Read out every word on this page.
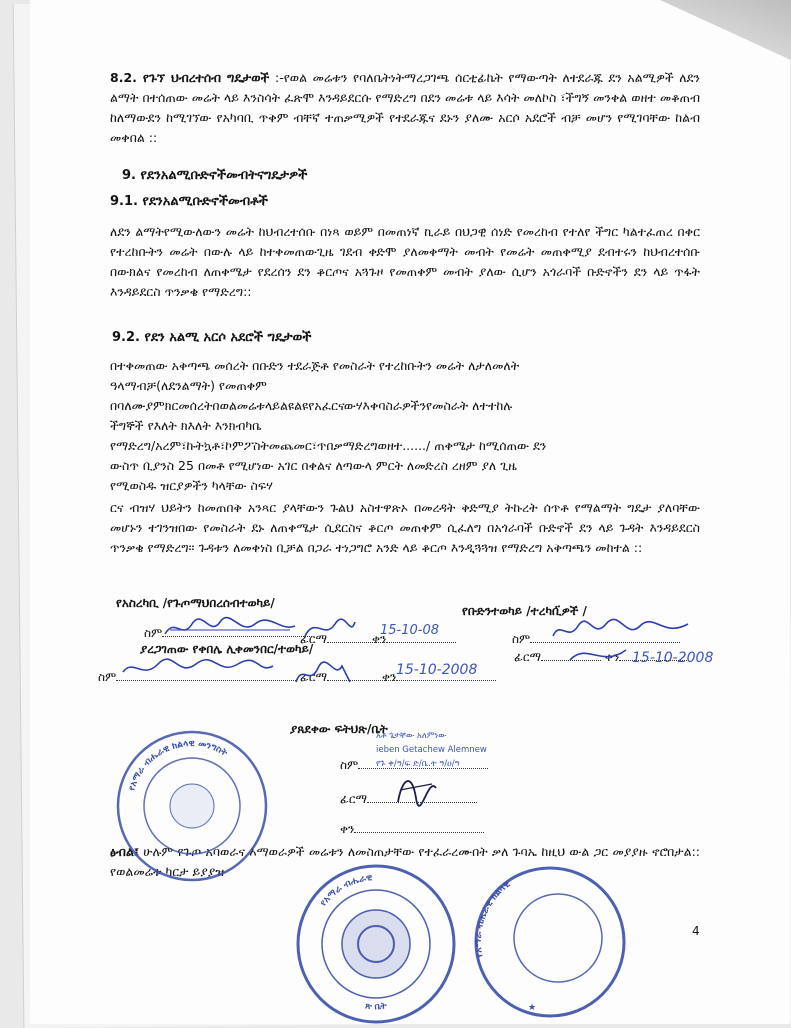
8.2. የጉኘ ህብረተሰብ ግዴታወች :-የወል መሬቱን የባለቤትነትማረጋገጫ ሰርቲፊኬት የማውጣት ለተደራጁ ደን አልሚዎች ለደን ልማት በተሰጠው መሬት ላይ እንስሳት ፈጽሞ እንዳይደርሱ የማድረግ በደን መሬቱ ላይ እሳት መለኮስ ፣ችግኝ መንቀል ወዘተ መቆጠብ ከለማውደን ከሚገኘው የአካባቢ ጥቅም ብቸኛ ተጠቃሚዎች የተደራጁና ደኑን ያለሙ አርሶ አደሮች ብቻ መሆን የሚገባቸው ከልብ መቀበል ::
9. የደንአልሚቡድኖችመብትናግዴታዎች
9.1. የደንአልሚቡድኖችመብቶች
ለደን ልማትየሚውለውን መሬት ከህብረተሰቡ በነጻ ወይም በመጠነኛ ኪራይ በህጋዊ ሰነድ የመረከብ የተለየ ችግር ካልተፈጠረ በቀር የተረከቡትን መሬት በውሉ ላይ ከተቀመጠውጊዜ ገደብ ቀድሞ ያለመቀማት መብት የመሬት መጠቀሚያ ደብተሩን ከህብረተሰቡ በውክልና የመረከብ ለጠቀሜታ የደረሰን ደን ቆርጦና አጓጉዞ የመጠቀም መብት ያለው ሲሆን አጎራባች ቡድኖችን ደን ላይ ጥፋት እንዳይደርስ ጥንቃቄ የማድረግ::
9.2. የደን አልሚ አርሶ አደሮች ግዴታወች
በተቀመጠው አቅጣጫ መሰረት በቡድን ተደራጅቶ የመስራት የተረከቡትን መሬት ለታለመለት
ዓላማብቻ(ለደንልማት) የመጠቀም
በባለሙያምክርመሰረትበወልመሬቱላይልዩልዩየአፈርናውሃእቀባስራዎችንየመስራት ለተተከሉ
ችግኞች የእለት ክእለት እንክብካቤ
የማድረግ/አረም፣ኩትኳቶ፣ኮምፖስትመጨመር፣ጥበቃማድረግወዘተ....../ ጠቀሜታ ከሚሰጠው ደን
ውስጥ ቢያንስ 25 በመቶ የሚሆነው አገር በቀልና ለጣውላ ምርት ለመድረስ ረዘም ያለ ጊዜ
የሚወስዱ ዝርያዎችን ካላቸው ስፍሃ
ርና ብዝሃ ህይትን ከመጠበቅ አንጻር ያላቸውን ጉልህ አስተዋጽኦ በመረዳት ቅድሚያ ትኩረት ሰጥቶ የማልማት ግዴታ ያለባቸው መሆኑን ተገንዝበው የመስራት ደኑ ለጠቀሜታ ሲደርስና ቆርጦ መጠቀም ሲፈለግ በአጎራባች ቡድኖች ደን ላይ ጉዳት እንዳይደርስ ጥንቃቄ የማድረግ፡፡ ጉዳቱን ለመቀነስ ቢቻል በጋራ ተነጋግሮ አንድ ላይ ቆርጦ እንዲጓጓዝ የማድረግ አቅጣጫን መከተል ::
የአስረካቢ /የጉጦማህበረሰብተወካይ/
የቡድንተወካይ /ተረካቢ፟ዎች /
ስም	ፊርማ	ቀን	ስም
ፊርማ	ቀን
ያረጋገጠው የቀበሌ ሊቀመንበር/ተወካይ/
ስም	ፊርማ	ቀን
ያጸደቀው ፍትህጽ/ቤት
ስም
ፊርማ
ቀን
ፅብል፤ ሁሉም የጉጦ አባወራና እማወራዎች መሬቱን ለመስጠታቸው የተፈራረሙበት ቃለ ጉባኤ ከዚህ ውል ጋር መያያዙ ኖሮበታል:: የወልመሬቱ ካርታ ይያያዝ
4
15-10-08
15-10-2008
15-10-2008
አቶ ጌታቸው አለምነው
ieben Getachew Alemnew
የጉ ቀ/ዓ/ፍ ድ/ቤ.ት ዓ/ዐ/ዓ
የአማራ ብሔራዊ ክልላዊ መንግስት
የአማራ ብሔራዊ
ጽ ቤት
የአማራ ብሔራዊ ክልላዊ
★
